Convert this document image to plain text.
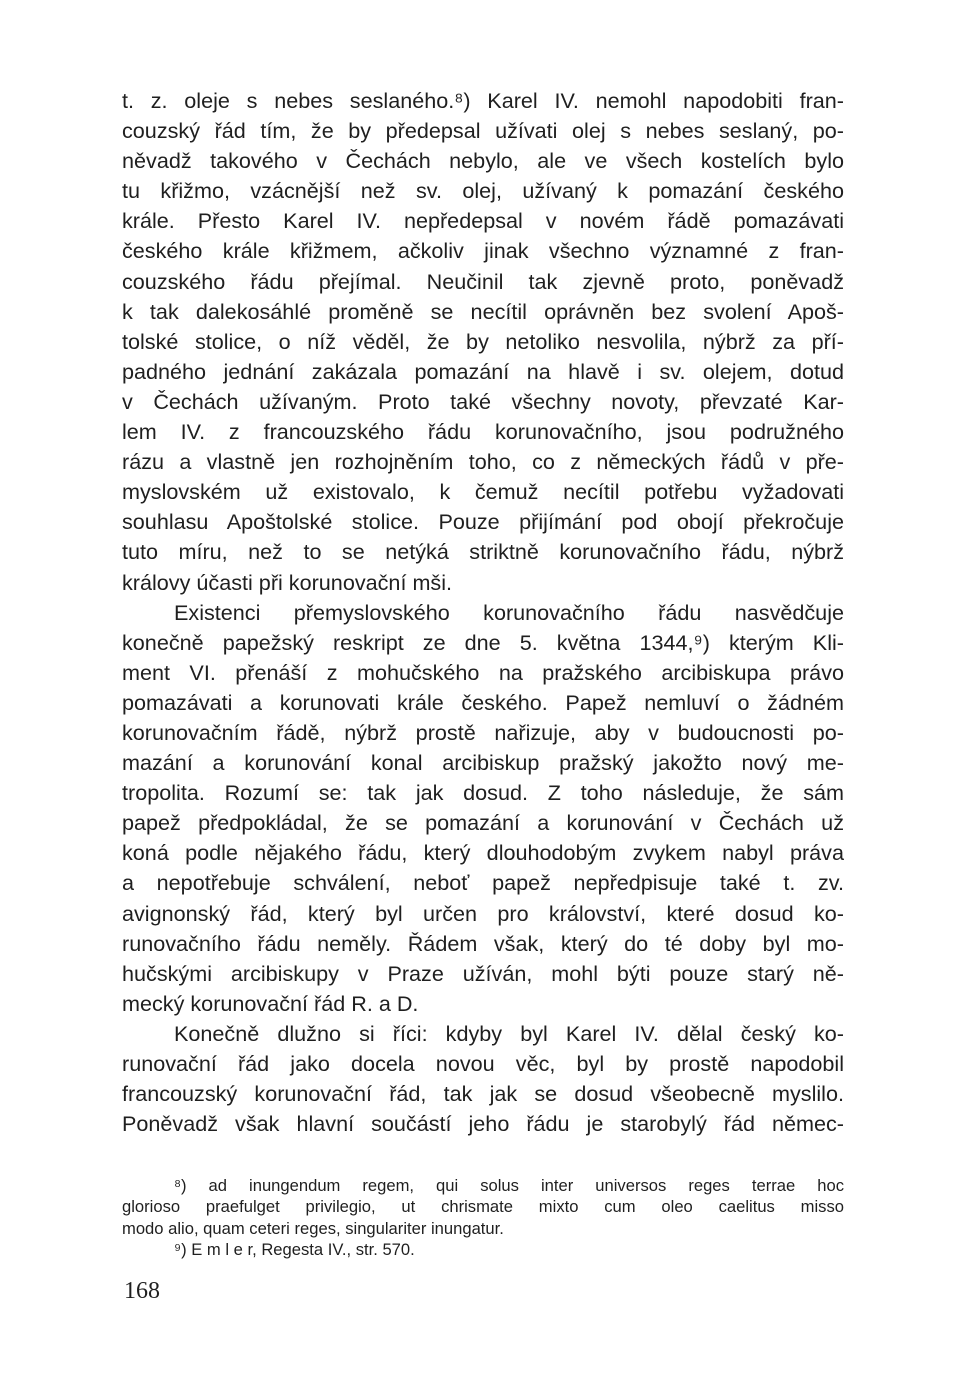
t. z. oleje s nebes seslaného.⁸) Karel IV. nemohl napodobiti fran-
couzský řád tím, že by předepsal užívati olej s nebes seslaný, po-
něvadž takového v Čechách nebylo, ale ve všech kostelích bylo
tu křižmo, vzácnější než sv. olej, užívaný k pomazání českého
krále. Přesto Karel IV. nepředepsal v novém řádě pomazávati
českého krále křižmem, ačkoliv jinak všechno významné z fran-
couzského řádu přejímal. Neučinil tak zjevně proto, poněvadž
k tak dalekosáhlé proměně se necítil oprávněn bez svolení Apoš-
tolské stolice, o níž věděl, že by netoliko nesvolila, nýbrž za pří-
padného jednání zakázala pomazání na hlavě i sv. olejem, dotud
v Čechách užívaným. Proto také všechny novoty, převzaté Kar-
lem IV. z francouzského řádu korunovačního, jsou podružného
rázu a vlastně jen rozhojněním toho, co z německých řádů v pře-
myslovském už existovalo, k čemuž necítil potřebu vyžadovati
souhlasu Apoštolské stolice. Pouze přijímání pod obojí překročuje
tuto míru, než to se netýká striktně korunovačního řádu, nýbrž
královy účasti při korunovační mši.
Existenci přemyslovského korunovačního řádu nasvědčuje
konečně papežský reskript ze dne 5. května 1344,⁹) kterým Kli-
ment VI. přenáší z mohučského na pražského arcibiskupa právo
pomazávati a korunovati krále českého. Papež nemluví o žádném
korunovačním řádě, nýbrž prostě nařizuje, aby v budoucnosti po-
mazání a korunování konal arcibiskup pražský jakožto nový me-
tropolita. Rozumí se: tak jak dosud. Z toho následuje, že sám
papež předpokládal, že se pomazání a korunování v Čechách už
koná podle nějakého řádu, který dlouhodobým zvykem nabyl práva
a nepotřebuje schválení, neboť papež nepředpisuje také t. zv.
avignonský řád, který byl určen pro království, které dosud ko-
runovačního řádu neměly. Řádem však, který do té doby byl mo-
hučskými arcibiskupy v Praze užíván, mohl býti pouze starý ně-
mecký korunovační řád R. a D.
Konečně dlužno si říci: kdyby byl Karel IV. dělal český ko-
runovační řád jako docela novou věc, byl by prostě napodobil
francouzský korunovační řád, tak jak se dosud všeobecně myslilo.
Poněvadž však hlavní součástí jeho řádu je starobylý řád němec-
⁸) ad inungendum regem, qui solus inter universos reges terrae hoc
glorioso praefulget privilegio, ut chrismate mixto cum oleo caelitus misso
modo alio, quam ceteri reges, singulariter inungatur.
⁹) E m l e r, Regesta IV., str. 570.
168
